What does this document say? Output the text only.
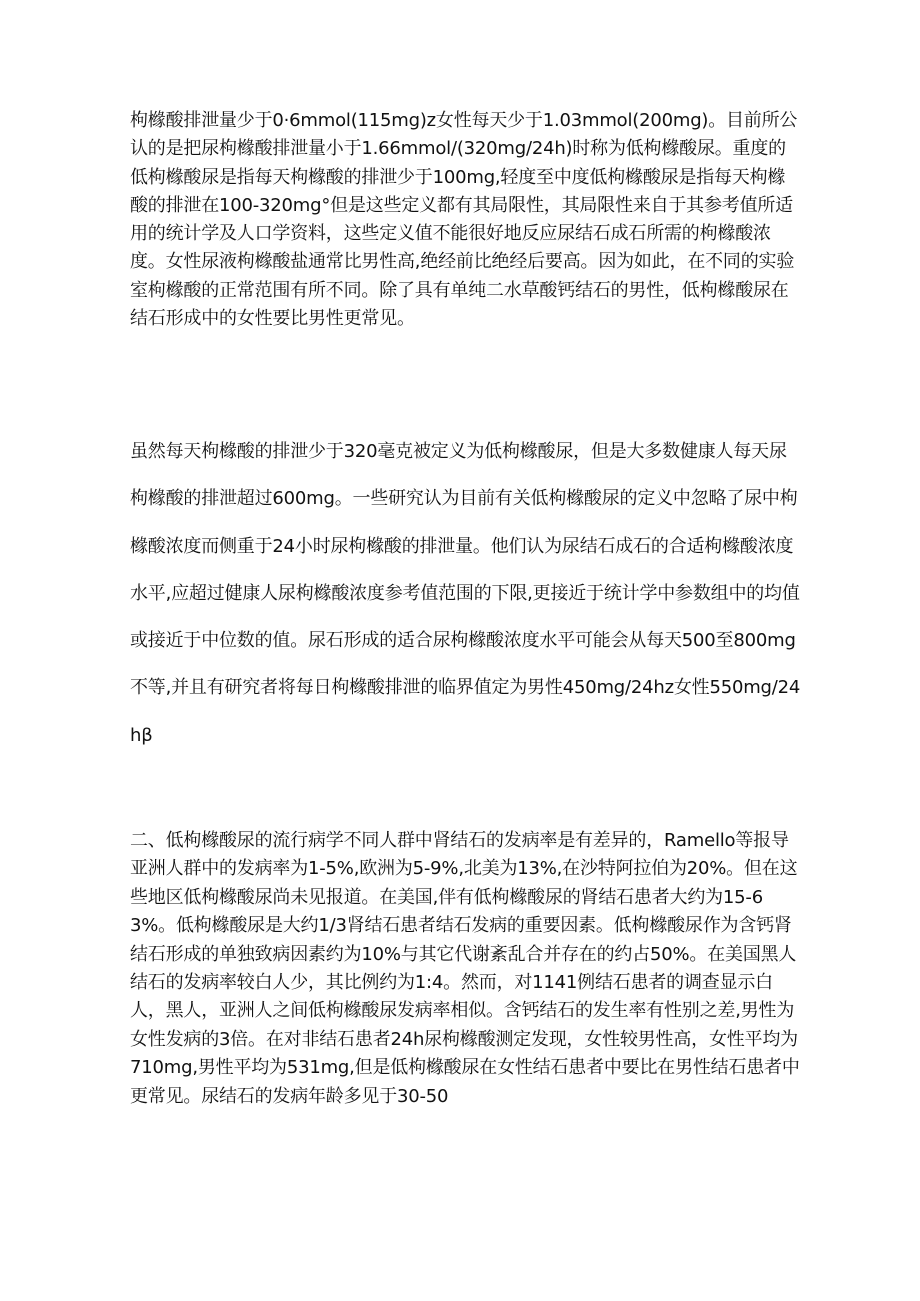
枸橼酸排泄量少于0·6mmol(115mg)z女性每天少于1.03mmol(200mg)。目前所公认的是把尿枸橼酸排泄量小于1.66mmol/(320mg/24h)时称为低枸橼酸尿。重度的低枸橼酸尿是指每天枸橼酸的排泄少于100mg,轻度至中度低枸橼酸尿是指每天枸橼酸的排泄在100-320mg°但是这些定义都有其局限性，其局限性来自于其参考值所适用的统计学及人口学资料，这些定义值不能很好地反应尿结石成石所需的枸橼酸浓度。女性尿液枸橼酸盐通常比男性高,绝经前比绝经后要高。因为如此，在不同的实验室枸橼酸的正常范围有所不同。除了具有单纯二水草酸钙结石的男性，低枸橼酸尿在结石形成中的女性要比男性更常见。

虽然每天枸橼酸的排泄少于320毫克被定义为低枸橼酸尿，但是大多数健康人每天尿枸橼酸的排泄超过600mg。一些研究认为目前有关低枸橼酸尿的定义中忽略了尿中枸橼酸浓度而侧重于24小时尿枸橼酸的排泄量。他们认为尿结石成石的合适枸橼酸浓度水平,应超过健康人尿枸橼酸浓度参考值范围的下限,更接近于统计学中参数组中的均值或接近于中位数的值。尿石形成的适合尿枸橼酸浓度水平可能会从每天500至800mg不等,并且有研究者将每日枸橼酸排泄的临界值定为男性450mg/24hz女性550mg/24hβ

二、低枸橼酸尿的流行病学不同人群中肾结石的发病率是有差异的，Ramello等报导亚洲人群中的发病率为1-5%,欧洲为5-9%,北美为13%,在沙特阿拉伯为20%。但在这些地区低枸橼酸尿尚未见报道。在美国,伴有低枸橼酸尿的肾结石患者大约为15-63%。低枸橼酸尿是大约1/3肾结石患者结石发病的重要因素。低枸橼酸尿作为含钙肾结石形成的单独致病因素约为10%与其它代谢紊乱合并存在的约占50%。在美国黑人结石的发病率较白人少，其比例约为1:4。然而，对1141例结石患者的调查显示白人，黑人，亚洲人之间低枸橼酸尿发病率相似。含钙结石的发生率有性别之差,男性为女性发病的3倍。在对非结石患者24h尿枸橼酸测定发现，女性较男性高，女性平均为710mg,男性平均为531mg,但是低枸橼酸尿在女性结石患者中要比在男性结石患者中更常见。尿结石的发病年龄多见于30-50
